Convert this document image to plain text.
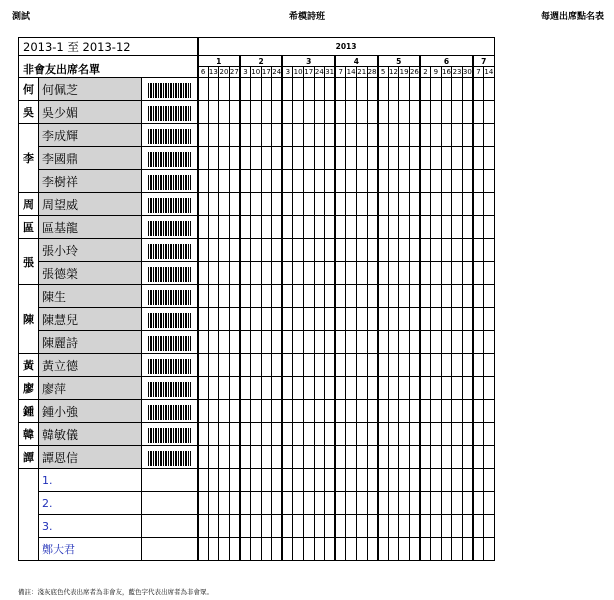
測試	希模詩班	每週出席點名表
2013-1 至 2013-12			2013																											
非會友出席名單			1				2				3					4				5				6					7	
			6	13	20	27	3	10	17	24	3	10	17	24	31	7	14	21	28	5	12	19	26	2	9	16	23	30	7	14
何	何佩芝																													
吳	吳少媚																													
李	李成輝																													
	李國鼎																													
	李樹祥																													
周	周望威																													
區	區基龍																													
張	張小玲																													
	張德榮																													
陳	陳生																													
	陳慧兒																													
	陳麗詩																													
黃	黃立德																													
廖	廖萍																													
鍾	鍾小強																													
韓	韓敏儀																													
譚	譚恩信																													
	1.																													
	2.																													
	3.																													
	鄭大君																													
備註：淺灰底色代表出席者為非會友，藍色字代表出席者為非會眾。
